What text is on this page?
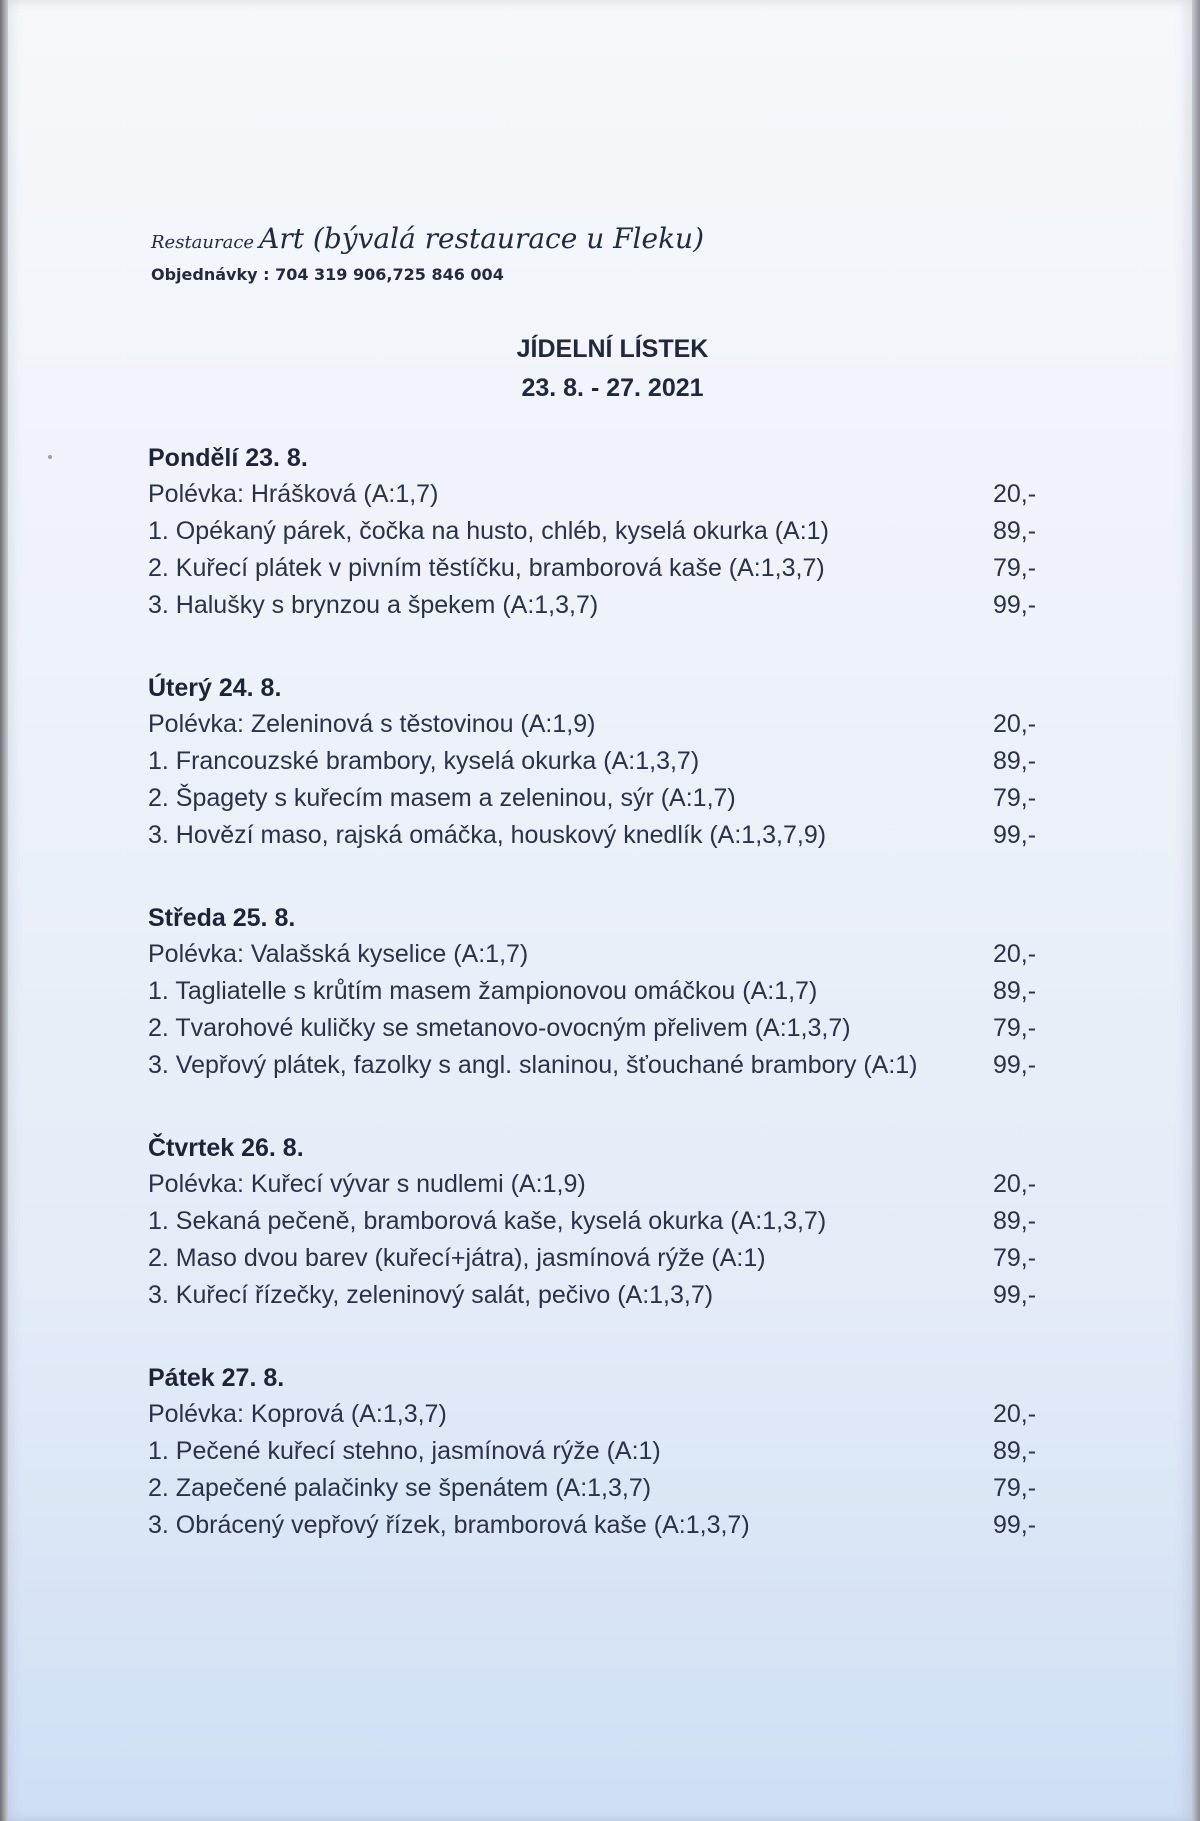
Restaurace Art (bývalá restaurace u Fleku)
Objednávky : 704 319 906,725 846 004
JÍDELNÍ LÍSTEK
23. 8. - 27. 2021
Pondělí 23. 8.
Polévka: Hrášková (A:1,7)	20,-
1. Opékaný párek, čočka na husto, chléb, kyselá okurka (A:1)	89,-
2. Kuřecí plátek v pivním těstíčku, bramborová kaše (A:1,3,7)	79,-
3. Halušky s brynzou a špekem (A:1,3,7)	99,-
Úterý 24. 8.
Polévka: Zeleninová s těstovinou (A:1,9)	20,-
1. Francouzské brambory, kyselá okurka (A:1,3,7)	89,-
2. Špagety s kuřecím masem a zeleninou, sýr (A:1,7)	79,-
3. Hovězí maso, rajská omáčka, houskový knedlík (A:1,3,7,9)	99,-
Středa 25. 8.
Polévka: Valašská kyselice (A:1,7)	20,-
1. Tagliatelle s krůtím masem žampionovou omáčkou (A:1,7)	89,-
2. Tvarohové kuličky se smetanovo-ovocným přelivem (A:1,3,7)	79,-
3. Vepřový plátek, fazolky s angl. slaninou, šťouchané brambory (A:1)	99,-
Čtvrtek 26. 8.
Polévka: Kuřecí vývar s nudlemi (A:1,9)	20,-
1. Sekaná pečeně, bramborová kaše, kyselá okurka (A:1,3,7)	89,-
2. Maso dvou barev (kuřecí+játra), jasmínová rýže (A:1)	79,-
3. Kuřecí řízečky, zeleninový salát, pečivo (A:1,3,7)	99,-
Pátek 27. 8.
Polévka: Koprová (A:1,3,7)	20,-
1. Pečené kuřecí stehno, jasmínová rýže (A:1)	89,-
2. Zapečené palačinky se špenátem (A:1,3,7)	79,-
3. Obrácený vepřový řízek, bramborová kaše (A:1,3,7)	99,-
